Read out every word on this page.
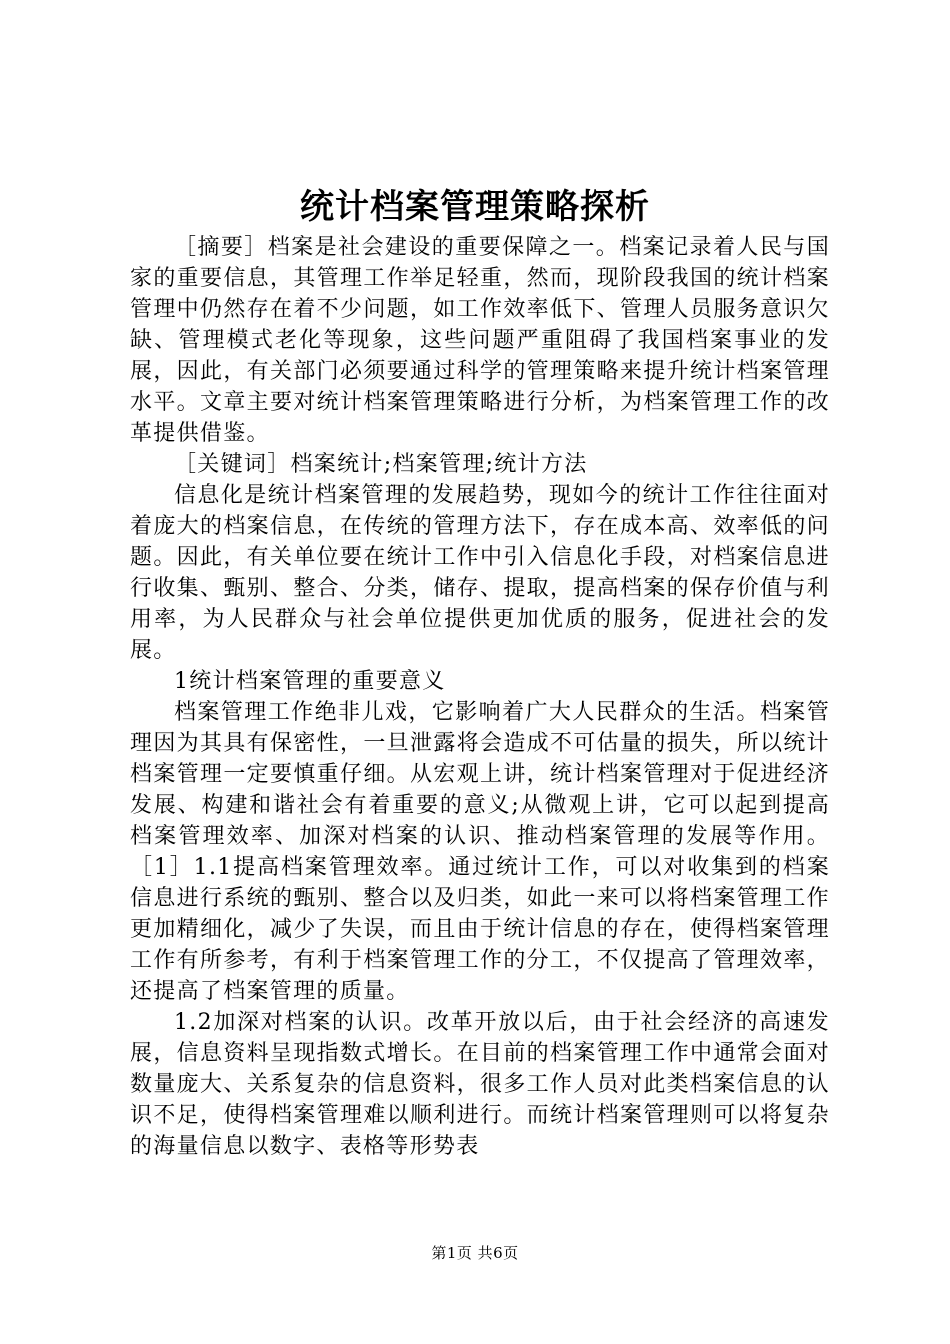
统计档案管理策略探析

［摘要］档案是社会建设的重要保障之一。档案记录着人民与国家的重要信息，其管理工作举足轻重，然而，现阶段我国的统计档案管理中仍然存在着不少问题，如工作效率低下、管理人员服务意识欠缺、管理模式老化等现象，这些问题严重阻碍了我国档案事业的发展，因此，有关部门必须要通过科学的管理策略来提升统计档案管理水平。文章主要对统计档案管理策略进行分析，为档案管理工作的改革提供借鉴。

［关键词］档案统计;档案管理;统计方法

信息化是统计档案管理的发展趋势，现如今的统计工作往往面对着庞大的档案信息，在传统的管理方法下，存在成本高、效率低的问题。因此，有关单位要在统计工作中引入信息化手段，对档案信息进行收集、甄别、整合、分类，储存、提取，提高档案的保存价值与利用率，为人民群众与社会单位提供更加优质的服务，促进社会的发展。

1统计档案管理的重要意义

档案管理工作绝非儿戏，它影响着广大人民群众的生活。档案管理因为其具有保密性，一旦泄露将会造成不可估量的损失，所以统计档案管理一定要慎重仔细。从宏观上讲，统计档案管理对于促进经济发展、构建和谐社会有着重要的意义;从微观上讲，它可以起到提高档案管理效率、加深对档案的认识、推动档案管理的发展等作用。［1］1.1提高档案管理效率。通过统计工作，可以对收集到的档案信息进行系统的甄别、整合以及归类，如此一来可以将档案管理工作更加精细化，减少了失误，而且由于统计信息的存在，使得档案管理工作有所参考，有利于档案管理工作的分工，不仅提高了管理效率，还提高了档案管理的质量。

1.2加深对档案的认识。改革开放以后，由于社会经济的高速发展，信息资料呈现指数式增长。在目前的档案管理工作中通常会面对数量庞大、关系复杂的信息资料，很多工作人员对此类档案信息的认识不足，使得档案管理难以顺利进行。而统计档案管理则可以将复杂的海量信息以数字、表格等形势表

第1页 共6页
